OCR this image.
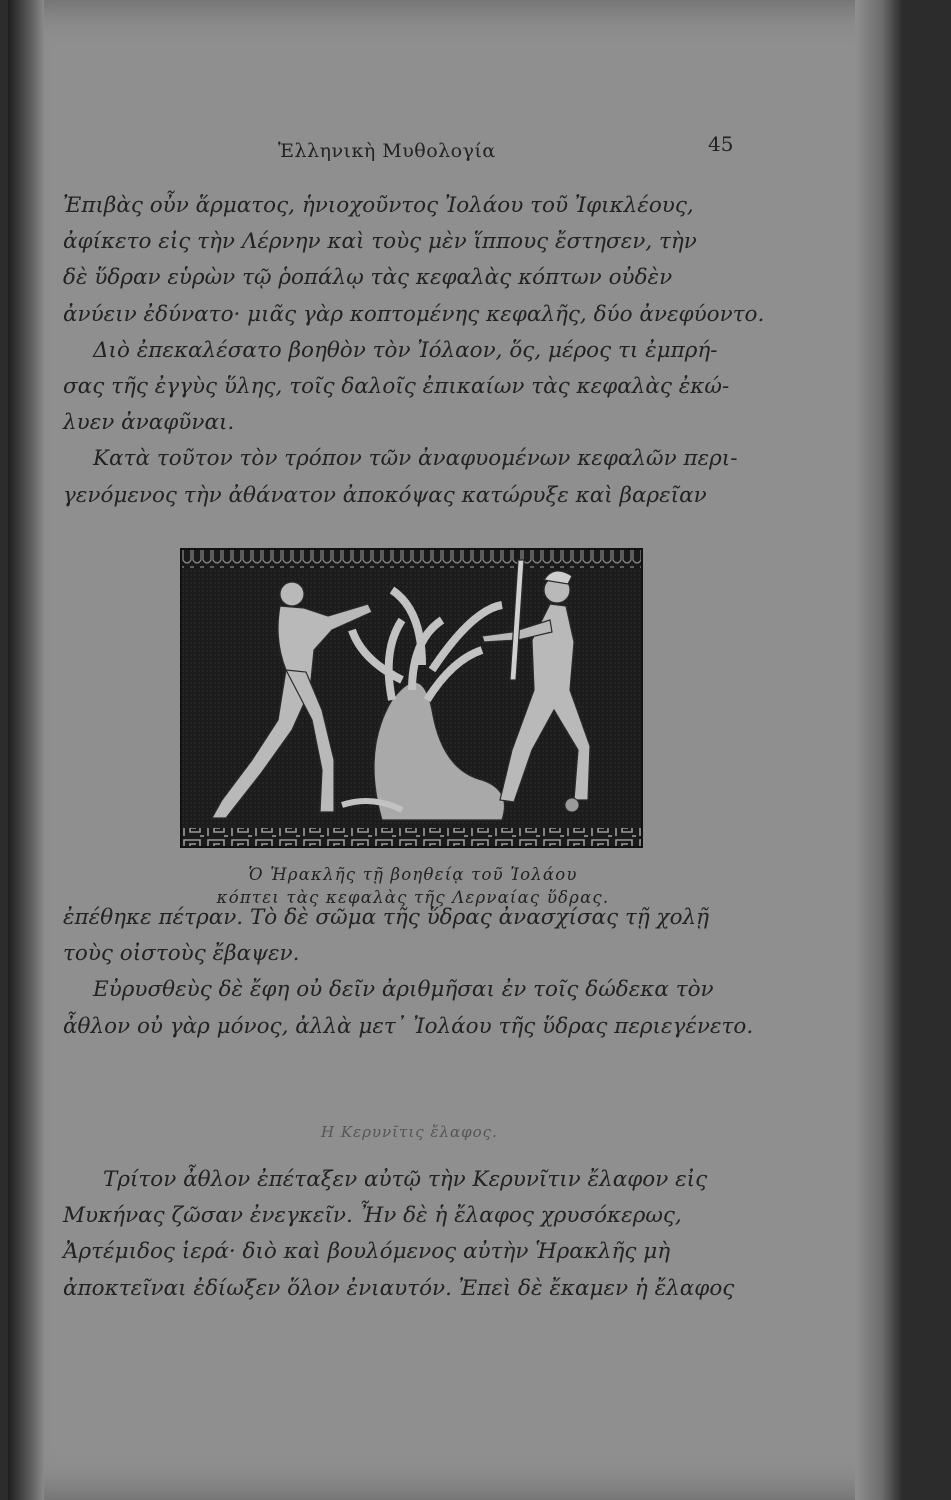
Ἑλληνικὴ Μυθολογία	45
Ἐπιβὰς οὖν ἅρματος, ἡνιοχοῦντος Ἰολάου τοῦ Ἰφικλέους,
ἀφίκετο εἰς τὴν Λέρνην καὶ τοὺς μὲν ἵππους ἔστησεν, τὴν
δὲ ὕδραν εὑρὼν τῷ ῥοπάλῳ τὰς κεφαλὰς κόπτων οὐδὲν
ἀνύειν ἐδύνατο· μιᾶς γὰρ κοπτομένης κεφαλῆς, δύο ἀνεφύοντο.
Διὸ ἐπεκαλέσατο βοηθὸν τὸν Ἰόλαον, ὅς, μέρος τι ἐμπρή-
σας τῆς ἐγγὺς ὕλης, τοῖς δαλοῖς ἐπικαίων τὰς κεφαλὰς ἐκώ-
λυεν ἀναφῦναι.
Κατὰ τοῦτον τὸν τρόπον τῶν ἀναφυομένων κεφαλῶν περι-
γενόμενος τὴν ἀθάνατον ἀποκόψας κατώρυξε καὶ βαρεῖαν
Ὁ Ἡρακλῆς τῇ βοηθείᾳ τοῦ Ἰολάου
κόπτει τὰς κεφαλὰς τῆς Λερναίας ὕδρας.
ἐπέθηκε πέτραν. Τὸ δὲ σῶμα τῆς ὕδρας ἀνασχίσας τῇ χολῇ
τοὺς οἰστοὺς ἔβαψεν.
Εὐρυσθεὺς δὲ ἔφη οὐ δεῖν ἀριθμῆσαι ἐν τοῖς δώδεκα τὸν
ἆθλον οὐ γὰρ μόνος, ἀλλὰ μετ᾽ Ἰολάου τῆς ὕδρας περιεγένετο.
Η Κερυνῖτις ἔλαφος.
Τρίτον ἆθλον ἐπέταξεν αὐτῷ τὴν Κερυνῖτιν ἔλαφον εἰς
Μυκήνας ζῶσαν ἐνεγκεῖν. Ἦν δὲ ἡ ἔλαφος χρυσόκερως,
Ἀρτέμιδος ἱερά· διὸ καὶ βουλόμενος αὐτὴν Ἡρακλῆς μὴ
ἀποκτεῖναι ἐδίωξεν ὅλον ἐνιαυτόν. Ἐπεὶ δὲ ἔκαμεν ἡ ἔλαφος
